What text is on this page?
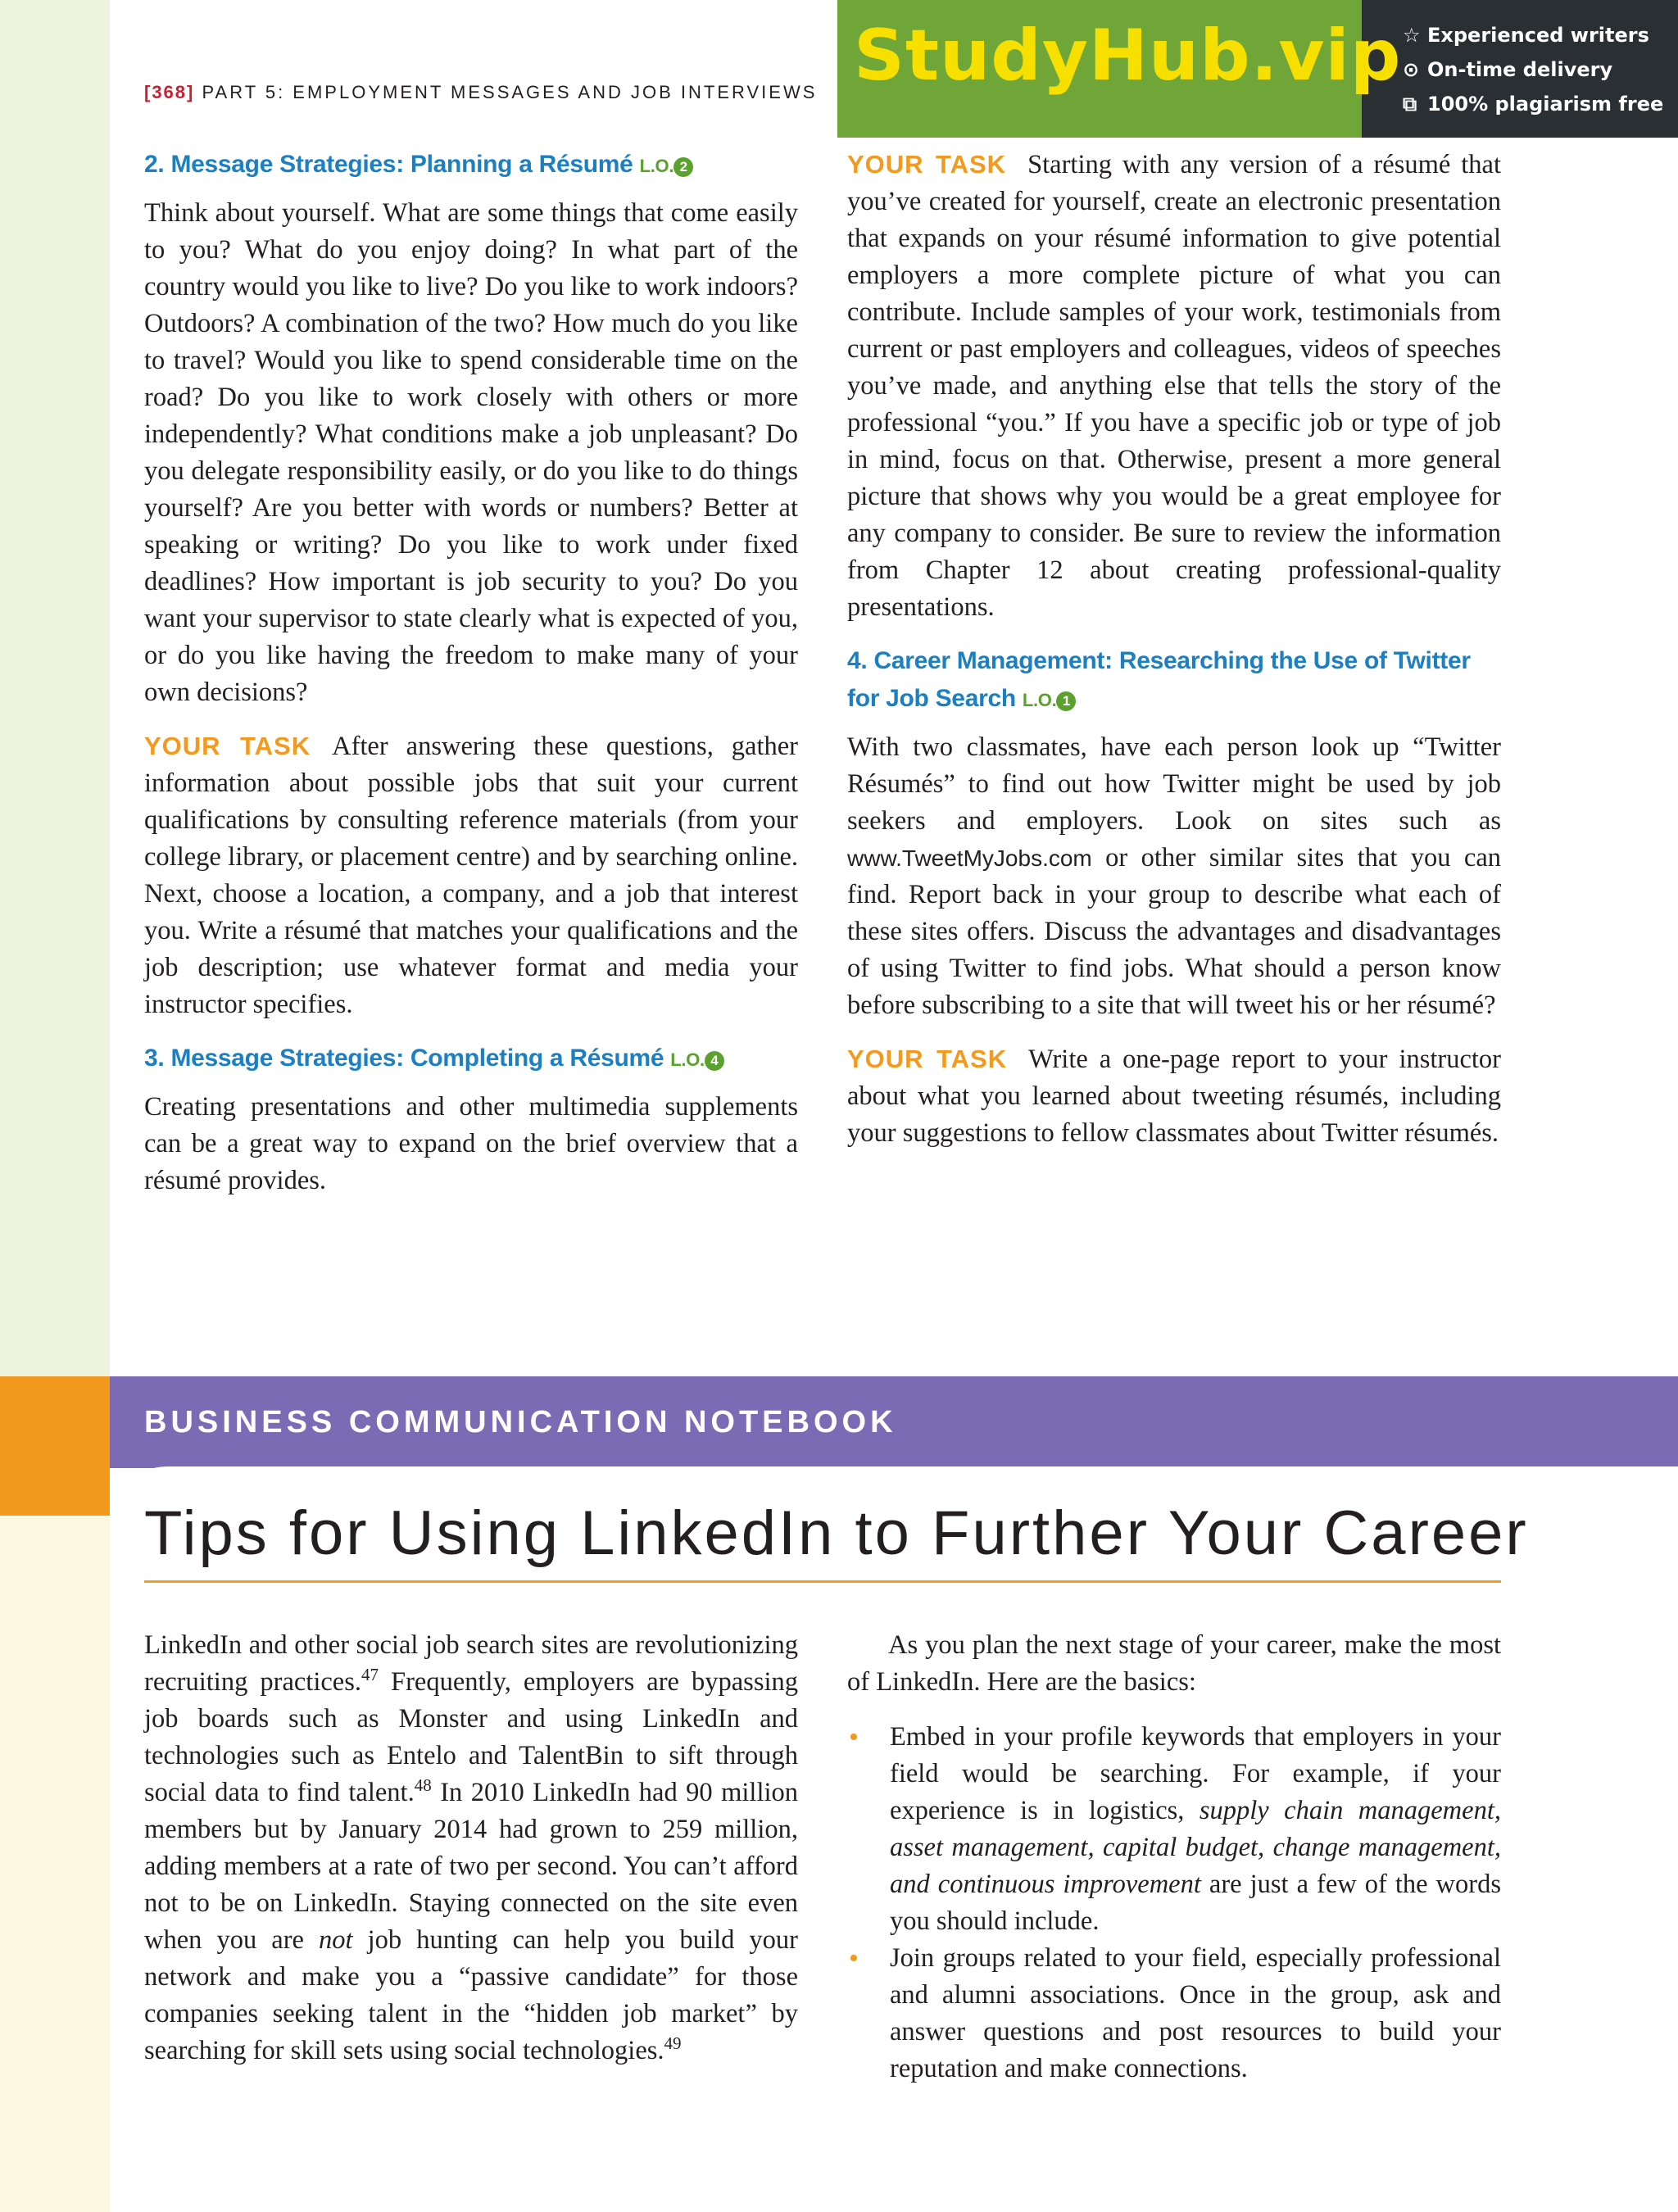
StudyHub.vip ☆ Experienced writers
⊙ On-time delivery
⧉ 100% plagiarism free
[368] PART 5: EMPLOYMENT MESSAGES AND JOB INTERVIEWS
2. Message Strategies: Planning a Résumé L.O. 2

Think about yourself. What are some things that come easily to you? What do you enjoy doing? In what part of the country would you like to live? Do you like to work indoors? Outdoors? A combination of the two? How much do you like to travel? Would you like to spend considerable time on the road? Do you like to work closely with others or more independently? What conditions make a job unpleasant? Do you delegate responsibility easily, or do you like to do things yourself? Are you better with words or numbers? Better at speaking or writing? Do you like to work under fixed deadlines? How important is job security to you? Do you want your supervisor to state clearly what is expected of you, or do you like having the freedom to make many of your own decisions?

YOUR TASK After answering these questions, gather information about possible jobs that suit your current qualifications by consulting reference materials (from your college library, or placement centre) and by searching online. Next, choose a location, a company, and a job that interest you. Write a résumé that matches your qualifications and the job description; use whatever format and media your instructor specifies.

3. Message Strategies: Completing a Résumé L.O. 4

Creating presentations and other multimedia supplements can be a great way to expand on the brief overview that a résumé provides.

YOUR TASK Starting with any version of a résumé that you’ve created for yourself, create an electronic presentation that expands on your résumé information to give potential employers a more complete picture of what you can contribute. Include samples of your work, testimonials from current or past employers and colleagues, videos of speeches you’ve made, and anything else that tells the story of the professional “you.” If you have a specific job or type of job in mind, focus on that. Otherwise, present a more general picture that shows why you would be a great employee for any company to consider. Be sure to review the information from Chapter 12 about creating professional-quality presentations.

4. Career Management: Researching the Use of Twitter for Job Search L.O. 1

With two classmates, have each person look up “Twitter Résumés” to find out how Twitter might be used by job seekers and employers. Look on sites such as www.TweetMyJobs.com or other similar sites that you can find. Report back in your group to describe what each of these sites offers. Discuss the advantages and disadvantages of using Twitter to find jobs. What should a person know before subscribing to a site that will tweet his or her résumé?

YOUR TASK Write a one-page report to your instructor about what you learned about tweeting résumés, including your suggestions to fellow classmates about Twitter résumés.

BUSINESS COMMUNICATION NOTEBOOK
Tips for Using LinkedIn to Further Your Career

LinkedIn and other social job search sites are revolutionizing recruiting practices.$^{47}$ Frequently, employers are bypassing job boards such as Monster and using LinkedIn and technologies such as Entelo and TalentBin to sift through social data to find talent.$^{48}$ In 2010 LinkedIn had 90 million members but by January 2014 had grown to 259 million, adding members at a rate of two per second. You can’t afford not to be on LinkedIn. Staying connected on the site even when you are not job hunting can help you build your network and make you a “passive candidate” for those companies seeking talent in the “hidden job market” by searching for skill sets using social technologies.$^{49}$

As you plan the next stage of your career, make the most of LinkedIn. Here are the basics:

• Embed in your profile keywords that employers in your field would be searching. For example, if your experience is in logistics, supply chain management, asset management, capital budget, change management, and continuous improvement are just a few of the words you should include.
• Join groups related to your field, especially professional and alumni associations. Once in the group, ask and answer questions and post resources to build your reputation and make connections.
